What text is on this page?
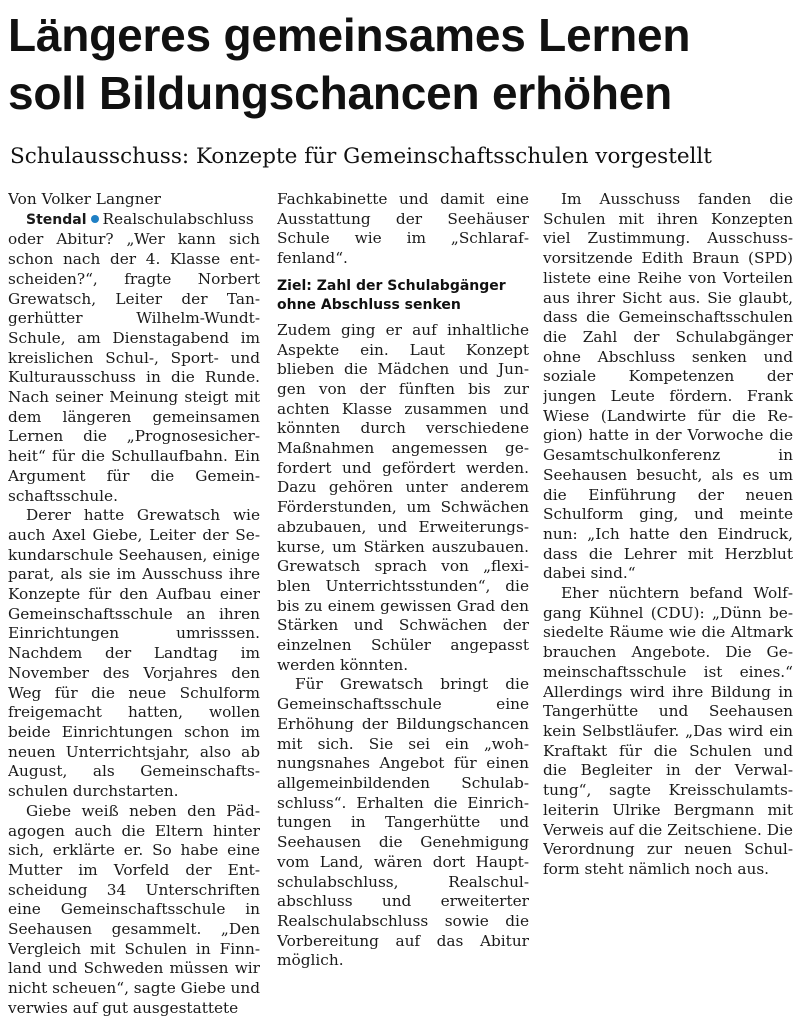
Längeres gemeinsames Lernen
soll Bildungschancen erhöhen
Schulausschuss: Konzepte für Gemeinschaftsschulen vorgestellt

Von Volker Langner

Stendal Realschulabschluss oder Abitur? „Wer kann sich schon nach der 4. Klasse entscheiden?“, fragte Norbert Grewatsch, Leiter der Tangerhütter Wilhelm-Wundt-Schule, am Dienstagabend im kreislichen Schul-, Sport- und Kulturausschuss in die Runde. Nach seiner Meinung steigt mit dem längeren gemeinsamen Lernen die „Prognosesicherheit“ für die Schullaufbahn. Ein Argument für die Gemeinschaftsschule.

Derer hatte Grewatsch wie auch Axel Giebe, Leiter der Sekundarschule Seehausen, einige parat, als sie im Ausschuss ihre Konzepte für den Aufbau einer Gemeinschaftsschule an ihren Einrichtungen umrisssen. Nachdem der Landtag im November des Vorjahres den Weg für die neue Schulform freigemacht hatten, wollen beide Einrichtungen schon im neuen Unterrichtsjahr, also ab August, als Gemeinschaftsschulen durchstarten.

Giebe weiß neben den Pädagogen auch die Eltern hinter sich, erklärte er. So habe eine Mutter im Vorfeld der Entscheidung 34 Unterschriften eine Gemeinschaftsschule in Seehausen gesammelt. „Den Vergleich mit Schulen in Finnland und Schweden müssen wir nicht scheuen“, sagte Giebe und verwies auf gut ausgestattete

Fachkabinette und damit eine Ausstattung der Seehäuser Schule wie im „Schlaraffenland“.

Ziel: Zahl der Schulabgänger ohne Abschluss senken

Zudem ging er auf inhaltliche Aspekte ein. Laut Konzept blieben die Mädchen und Jungen von der fünften bis zur achten Klasse zusammen und könnten durch verschiedene Maßnahmen angemessen gefordert und gefördert werden. Dazu gehören unter anderem Förderstunden, um Schwächen abzubauen, und Erweiterungskurse, um Stärken auszubauen. Grewatsch sprach von „flexiblen Unterrichtsstunden“, die bis zu einem gewissen Grad den Stärken und Schwächen der einzelnen Schüler angepasst werden könnten.

Für Grewatsch bringt die Gemeinschaftsschule eine Erhöhung der Bildungschancen mit sich. Sie sei ein „wohnungsnahes Angebot für einen allgemeinbildenden Schulabschluss“. Erhalten die Einrichtungen in Tangerhütte und Seehausen die Genehmigung vom Land, wären dort Hauptschulabschluss, Realschulabschluss und erweiterter Realschulabschluss sowie die Vorbereitung auf das Abitur möglich.

Im Ausschuss fanden die Schulen mit ihren Konzepten viel Zustimmung. Ausschussvorsitzende Edith Braun (SPD) listete eine Reihe von Vorteilen aus ihrer Sicht aus. Sie glaubt, dass die Gemeinschaftsschulen die Zahl der Schulabgänger ohne Abschluss senken und soziale Kompetenzen der jungen Leute fördern. Frank Wiese (Landwirte für die Region) hatte in der Vorwoche die Gesamtschulkonferenz in Seehausen besucht, als es um die Einführung der neuen Schulform ging, und meinte nun: „Ich hatte den Eindruck, dass die Lehrer mit Herzblut dabei sind.“

Eher nüchtern befand Wolfgang Kühnel (CDU): „Dünn besiedelte Räume wie die Altmark brauchen Angebote. Die Gemeinschaftsschule ist eines.“ Allerdings wird ihre Bildung in Tangerhütte und Seehausen kein Selbstläufer. „Das wird ein Kraftakt für die Schulen und die Begleiter in der Verwaltung“, sagte Kreisschulamtsleiterin Ulrike Bergmann mit Verweis auf die Zeitschiene. Die Verordnung zur neuen Schulform steht nämlich noch aus.
